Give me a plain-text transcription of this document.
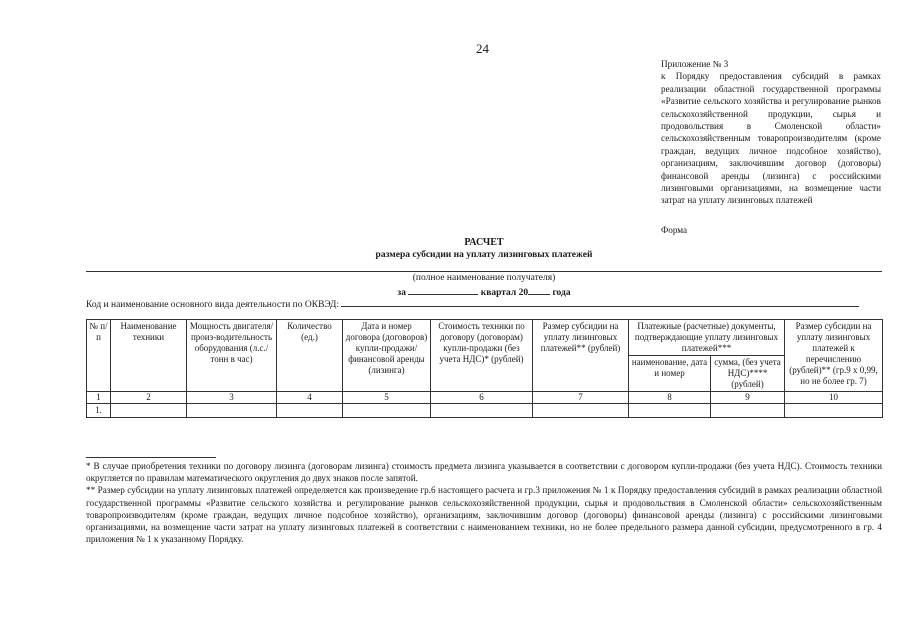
24
Приложение № 3
к Порядку предоставления субсидий в рамках реализации областной государственной программы «Развитие сельского хозяйства и регулирование рынков сельскохозяйственной продукции, сырья и продовольствия в Смоленской области» сельскохозяйственным товаропроизводителям (кроме граждан, ведущих личное подсобное хозяйство), организациям, заключившим договор (договоры) финансовой аренды (лизинга) с российскими лизинговыми организациями, на возмещение части затрат на уплату лизинговых платежей
Форма
РАСЧЕТ
размера субсидии на уплату лизинговых платежей
(полное наименование получателя)
за	квартал 20	года
Код и наименование основного вида деятельности по ОКВЭД:
№ п/п	Наименование техники	Мощность двигателя/произ-водительность оборудования (л.с./тонн в час)	Количество (ед.)	Дата и номер договора (договоров) купли-продажи/ финансовой аренды (лизинга)	Стоимость техники по договору (договорам) купли-продажи (без учета НДС)* (рублей)	Размер субсидии на уплату лизинговых платежей** (рублей)	Платежные (расчетные) документы, подтверждающие уплату лизинговых платежей***		Размер субсидии на уплату лизинговых платежей к перечислению (рублей)** (гр.9 x 0,99, но не более гр. 7)
							наименование, дата и номер	сумма, (без учета НДС)**** (рублей)	
1	2	3	4	5	6	7	8	9	10
1.									

* В случае приобретения техники по договору лизинга (договорам лизинга) стоимость предмета лизинга указывается в соответствии с договором купли-продажи (без учета НДС). Стоимость техники округляется по правилам математического округления до двух знаков после запятой.

** Размер субсидии на уплату лизинговых платежей определяется как произведение гр.6 настоящего расчета и гр.3 приложения № 1 к Порядку предоставления субсидий в рамках реализации областной государственной программы «Развитие сельского хозяйства и регулирование рынков сельскохозяйственной продукции, сырья и продовольствия в Смоленской области» сельскохозяйственным товаропроизводителям (кроме граждан, ведущих личное подсобное хозяйство), организациям, заключившим договор (договоры) финансовой аренды (лизинга) с российскими лизинговыми организациями, на возмещение части затрат на уплату лизинговых платежей в соответствии с наименованием техники, но не более предельного размера данной субсидии, предусмотренного в гр. 4 приложения № 1 к указанному Порядку.
